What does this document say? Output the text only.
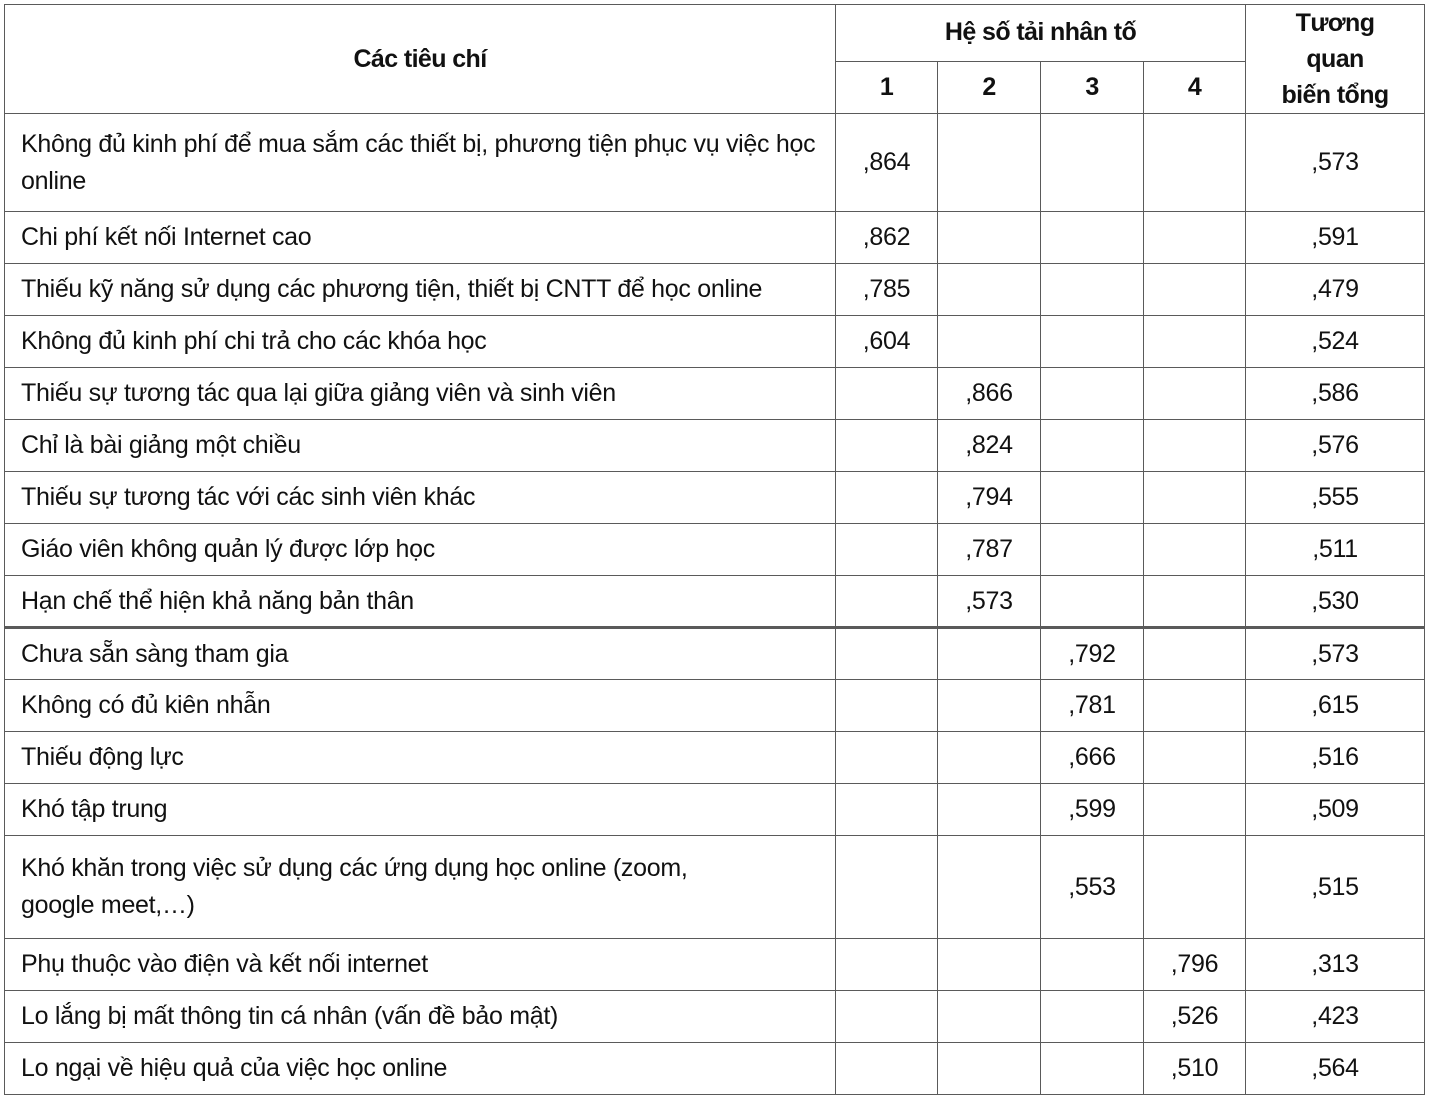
Các tiêu chí	Hệ số tải nhân tố				Tương quan biến tổng
	1	2	3	4	
Không đủ kinh phí để mua sắm các thiết bị, phương tiện phục vụ việc học online	,864				,573
Chi phí kết nối Internet cao	,862				,591
Thiếu kỹ năng sử dụng các phương tiện, thiết bị CNTT để học online	,785				,479
Không đủ kinh phí chi trả cho các khóa học	,604				,524
Thiếu sự tương tác qua lại giữa giảng viên và sinh viên		,866			,586
Chỉ là bài giảng một chiều		,824			,576
Thiếu sự tương tác với các sinh viên khác		,794			,555
Giáo viên không quản lý được lớp học		,787			,511
Hạn chế thể hiện khả năng bản thân		,573			,530
Chưa sẵn sàng tham gia			,792		,573
Không có đủ kiên nhẫn			,781		,615
Thiếu động lực			,666		,516
Khó tập trung			,599		,509
Khó khăn trong việc sử dụng các ứng dụng học online (zoom, google meet,…)			,553		,515
Phụ thuộc vào điện và kết nối internet				,796	,313
Lo lắng bị mất thông tin cá nhân (vấn đề bảo mật)				,526	,423
Lo ngại về hiệu quả của việc học online				,510	,564
